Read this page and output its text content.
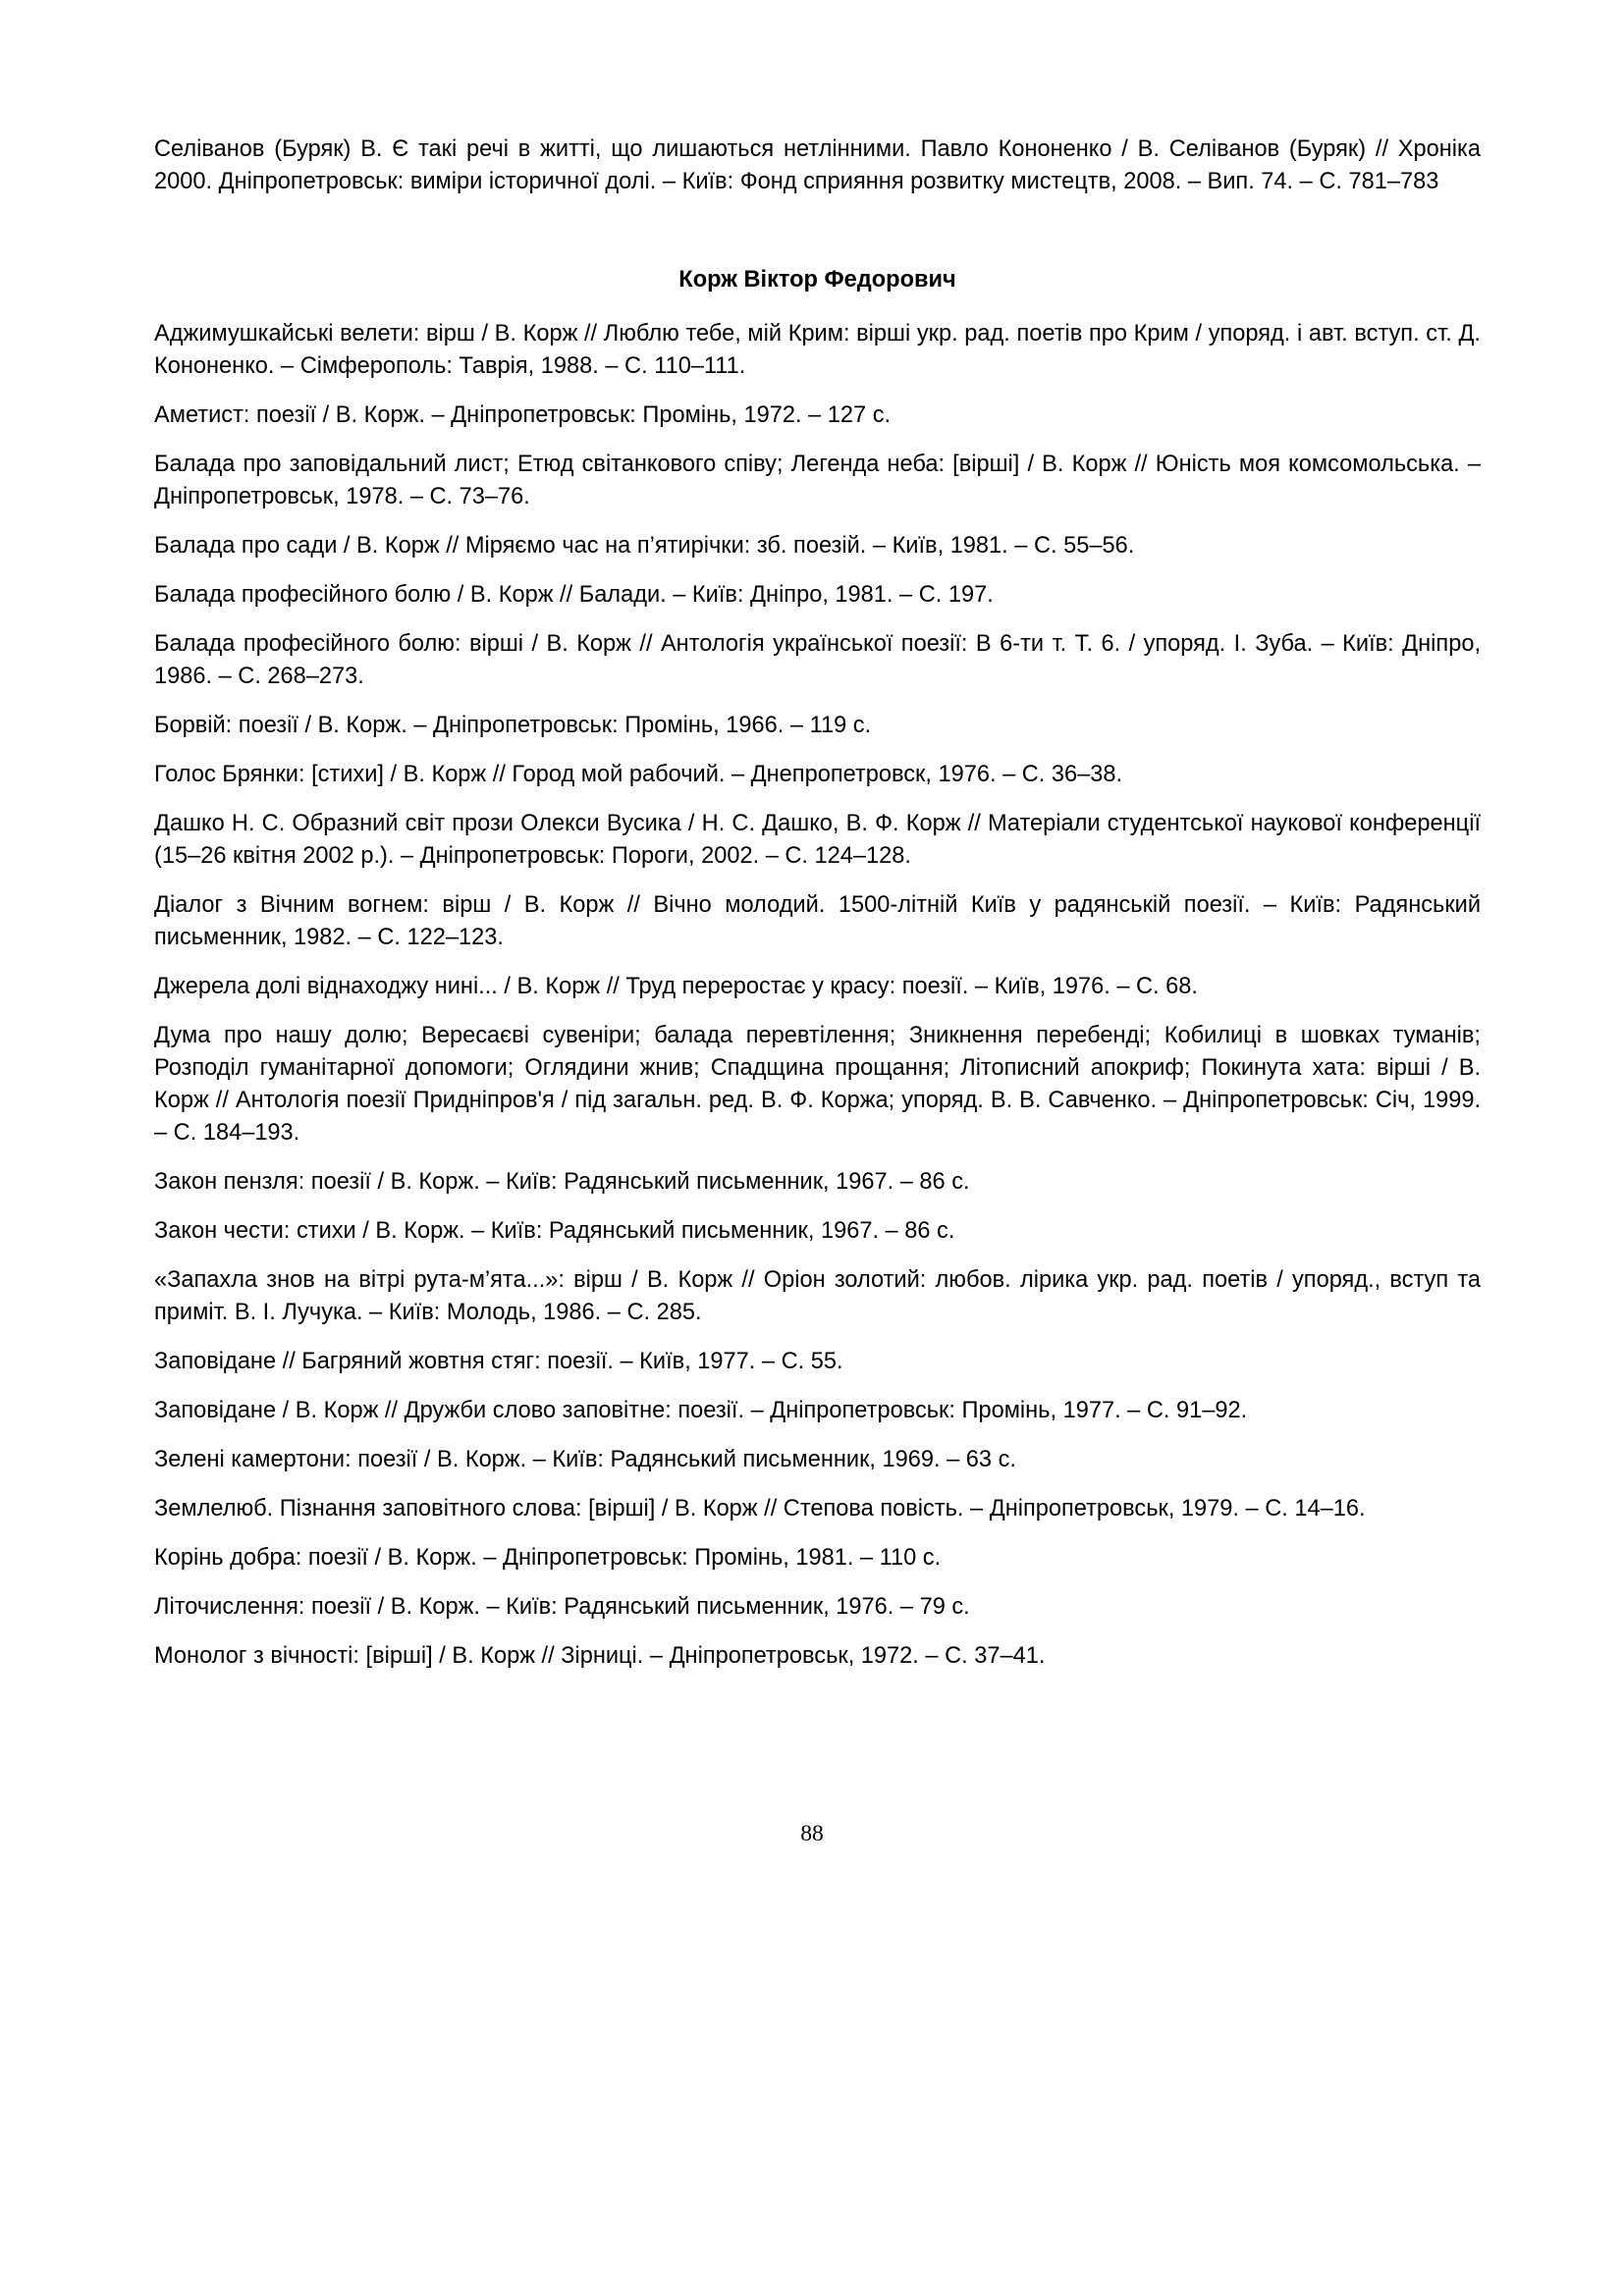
Селіванов (Буряк) В. Є такі речі в житті, що лишаються нетлінними. Павло Кононенко / В. Селіванов (Буряк) // Хроніка 2000. Дніпропетровськ: виміри історичної долі. – Київ: Фонд сприяння розвитку мистецтв, 2008. – Вип. 74. – С. 781–783

Корж Віктор Федорович

Аджимушкайські велети: вірш / В. Корж // Люблю тебе, мій Крим: вірші укр. рад. поетів про Крим / упоряд. і авт. вступ. ст. Д. Кононенко. – Сімферополь: Таврія, 1988. – С. 110–111.

Аметист: поезії / В. Корж. – Дніпропетровськ: Промінь, 1972. – 127 с.

Балада про заповідальний лист; Етюд світанкового співу; Легенда неба: [вірші] / В. Корж // Юність моя комсомольська. – Дніпропетровськ, 1978. – С. 73–76.

Балада про сади / В. Корж // Міряємо час на п’ятирічки: зб. поезій. – Київ, 1981. – С. 55–56.

Балада професійного болю / В. Корж // Балади. – Київ: Дніпро, 1981. – С. 197.

Балада професійного болю: вірші / В. Корж // Антологія української поезії: В 6-ти т. Т. 6. / упоряд. І. Зуба. – Київ: Дніпро, 1986. – С. 268–273.

Борвій: поезії / В. Корж. – Дніпропетровськ: Промінь, 1966. – 119 с.

Голос Брянки: [стихи] / В. Корж // Город мой рабочий. – Днепропетровск, 1976. – С. 36–38.

Дашко Н. С. Образний світ прози Олекси Вусика / Н. С. Дашко, В. Ф. Корж // Матеріали студентської наукової конференції (15–26 квітня 2002 р.). – Дніпропетровськ: Пороги, 2002. – С. 124–128.

Діалог з Вічним вогнем: вірш / В. Корж // Вічно молодий. 1500-літній Київ у радянській поезії. – Київ: Радянський письменник, 1982. – С. 122–123.

Джерела долі віднаходжу нині... / В. Корж // Труд переростає у красу: поезії. – Київ, 1976. – С. 68.

Дума про нашу долю; Вересаєві сувеніри; балада перевтілення; Зникнення перебенді; Кобилиці в шовках туманів; Розподіл гуманітарної допомоги; Оглядини жнив; Спадщина прощання; Літописний апокриф; Покинута хата: вірші / В. Корж // Антологія поезії Придніпров'я / під загальн. ред. В. Ф. Коржа; упоряд. В. В. Савченко. – Дніпропетровськ: Січ, 1999. – С. 184–193.

Закон пензля: поезії / В. Корж. – Київ: Радянський письменник, 1967. – 86 с.

Закон чести: стихи / В. Корж. – Київ: Радянський письменник, 1967. – 86 с.

«Запахла знов на вітрі рута-м’ята...»: вірш / В. Корж // Оріон золотий: любов. лірика укр. рад. поетів / упоряд., вступ та приміт. В. І. Лучука. – Київ: Молодь, 1986. – С. 285.

Заповідане // Багряний жовтня стяг: поезії. – Київ, 1977. – С. 55.

Заповідане / В. Корж // Дружби слово заповітне: поезії. – Дніпропетровськ: Промінь, 1977. – С. 91–92.

Зелені камертони: поезії / В. Корж. – Київ: Радянський письменник, 1969. – 63 с.

Землелюб. Пізнання заповітного слова: [вірші] / В. Корж // Степова повість. – Дніпропетровськ, 1979. – С. 14–16.

Корінь добра: поезії / В. Корж. – Дніпропетровськ: Промінь, 1981. – 110 с.

Літочислення: поезії / В. Корж. – Київ: Радянський письменник, 1976. – 79 с.

Монолог з вічності: [вірші] / В. Корж // Зірниці. – Дніпропетровськ, 1972. – С. 37–41.

88
